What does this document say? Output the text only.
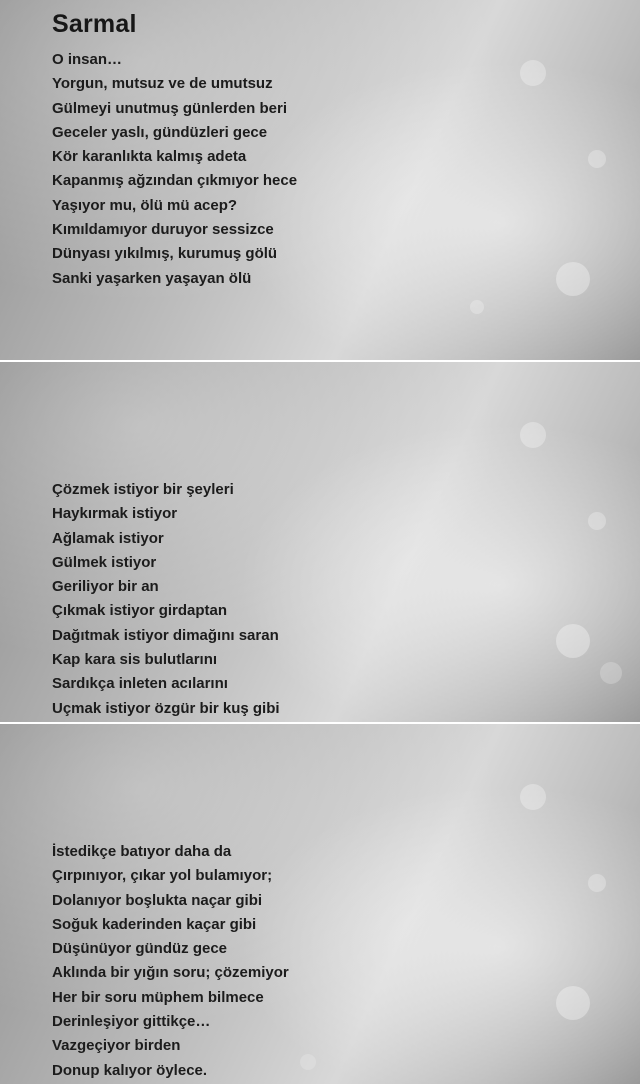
Sarmal
O insan…
Yorgun, mutsuz ve de umutsuz
Gülmeyi unutmuş günlerden beri
Geceler yaslı, gündüzleri gece
Kör karanlıkta kalmış adeta
Kapanmış ağzından çıkmıyor hece
Yaşıyor mu, ölü mü acep?
Kımıldamıyor duruyor sessizce
Dünyası yıkılmış, kurumuş gölü
Sanki yaşarken yaşayan ölü
Çözmek istiyor bir şeyleri
Haykırmak istiyor
Ağlamak istiyor
Gülmek istiyor
Geriliyor bir an
Çıkmak istiyor girdaptan
Dağıtmak istiyor dimağını saran
Kap kara sis bulutlarını
Sardıkça inleten acılarını
Uçmak istiyor özgür bir kuş gibi
İstedikçe batıyor daha da
Çırpınıyor, çıkar yol bulamıyor;
Dolanıyor boşlukta naçar gibi
Soğuk kaderinden kaçar gibi
Düşünüyor gündüz gece
Aklında bir yığın soru; çözemiyor
Her bir soru müphem bilmece
Derinleşiyor gittikçe…
Vazgeçiyor birden
Donup kalıyor öylece.
